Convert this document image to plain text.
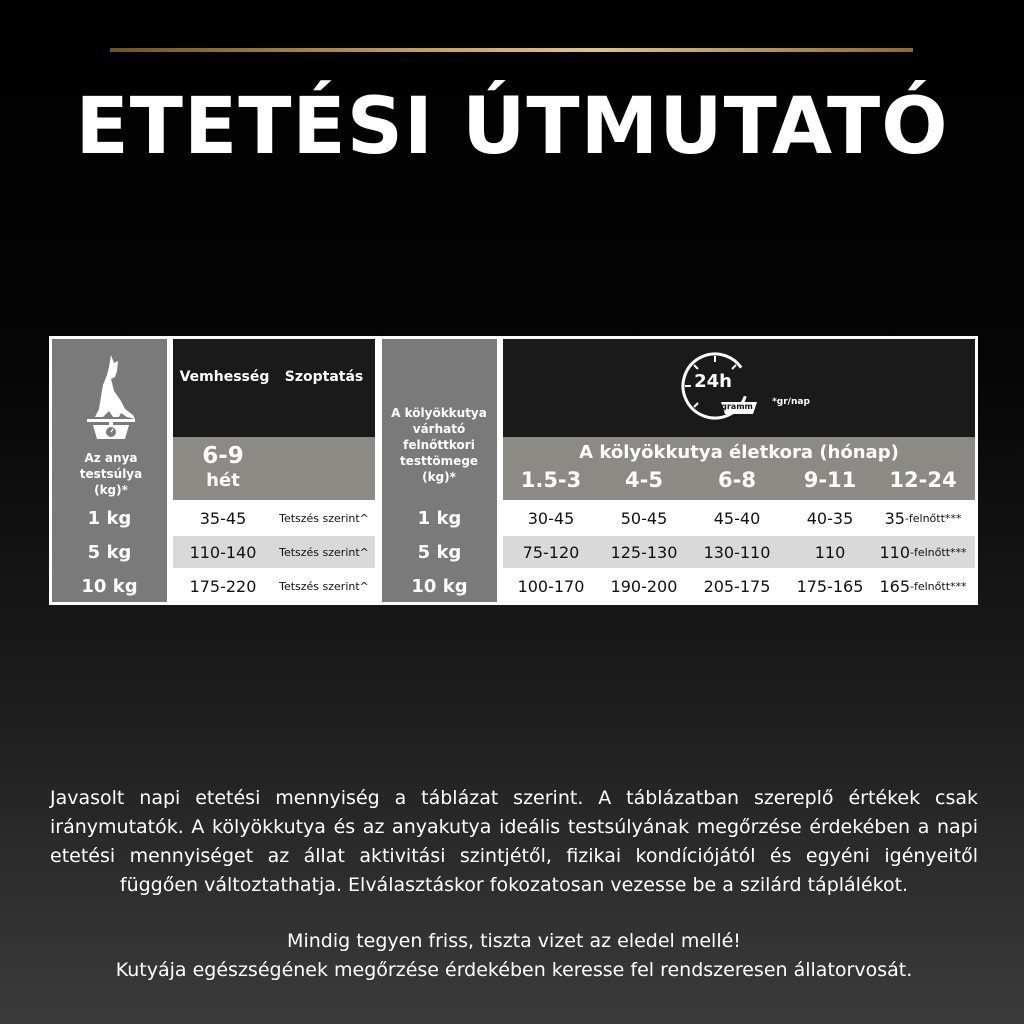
ETETÉSI ÚTMUTATÓ
Az anya testsúlya (kg)*
Vemhesség	Szoptatás
6-9
hét
A kölyökkutya várható felnőttkori testtömege (kg)*
24h
gramm	*gr/nap
A kölyökkutya életkora (hónap)
1.5-3	4-5	6-8	9-11	12-24
1 kg	35-45	Tetszés szerint^	1 kg	30-45	50-45	45-40	40-35	35 -felnőtt***
5 kg	110-140	Tetszés szerint^	5 kg	75-120	125-130	130-110	110	110 -felnőtt***
10 kg	175-220	Tetszés szerint^	10 kg	100-170	190-200	205-175	175-165	165 -felnőtt***
Javasolt napi etetési mennyiség a táblázat szerint. A táblázatban szereplő értékek csak iránymutatók. A kölyökkutya és az anyakutya ideális testsúlyának megőrzése érdekében a napi etetési mennyiséget az állat aktivitási szintjétől, fizikai kondíciójától és egyéni igényeitől függően változtathatja. Elválasztáskor fokozatosan vezesse be a szilárd táplálékot.
Mindig tegyen friss, tiszta vizet az eledel mellé!
Kutyája egészségének megőrzése érdekében keresse fel rendszeresen állatorvosát.
